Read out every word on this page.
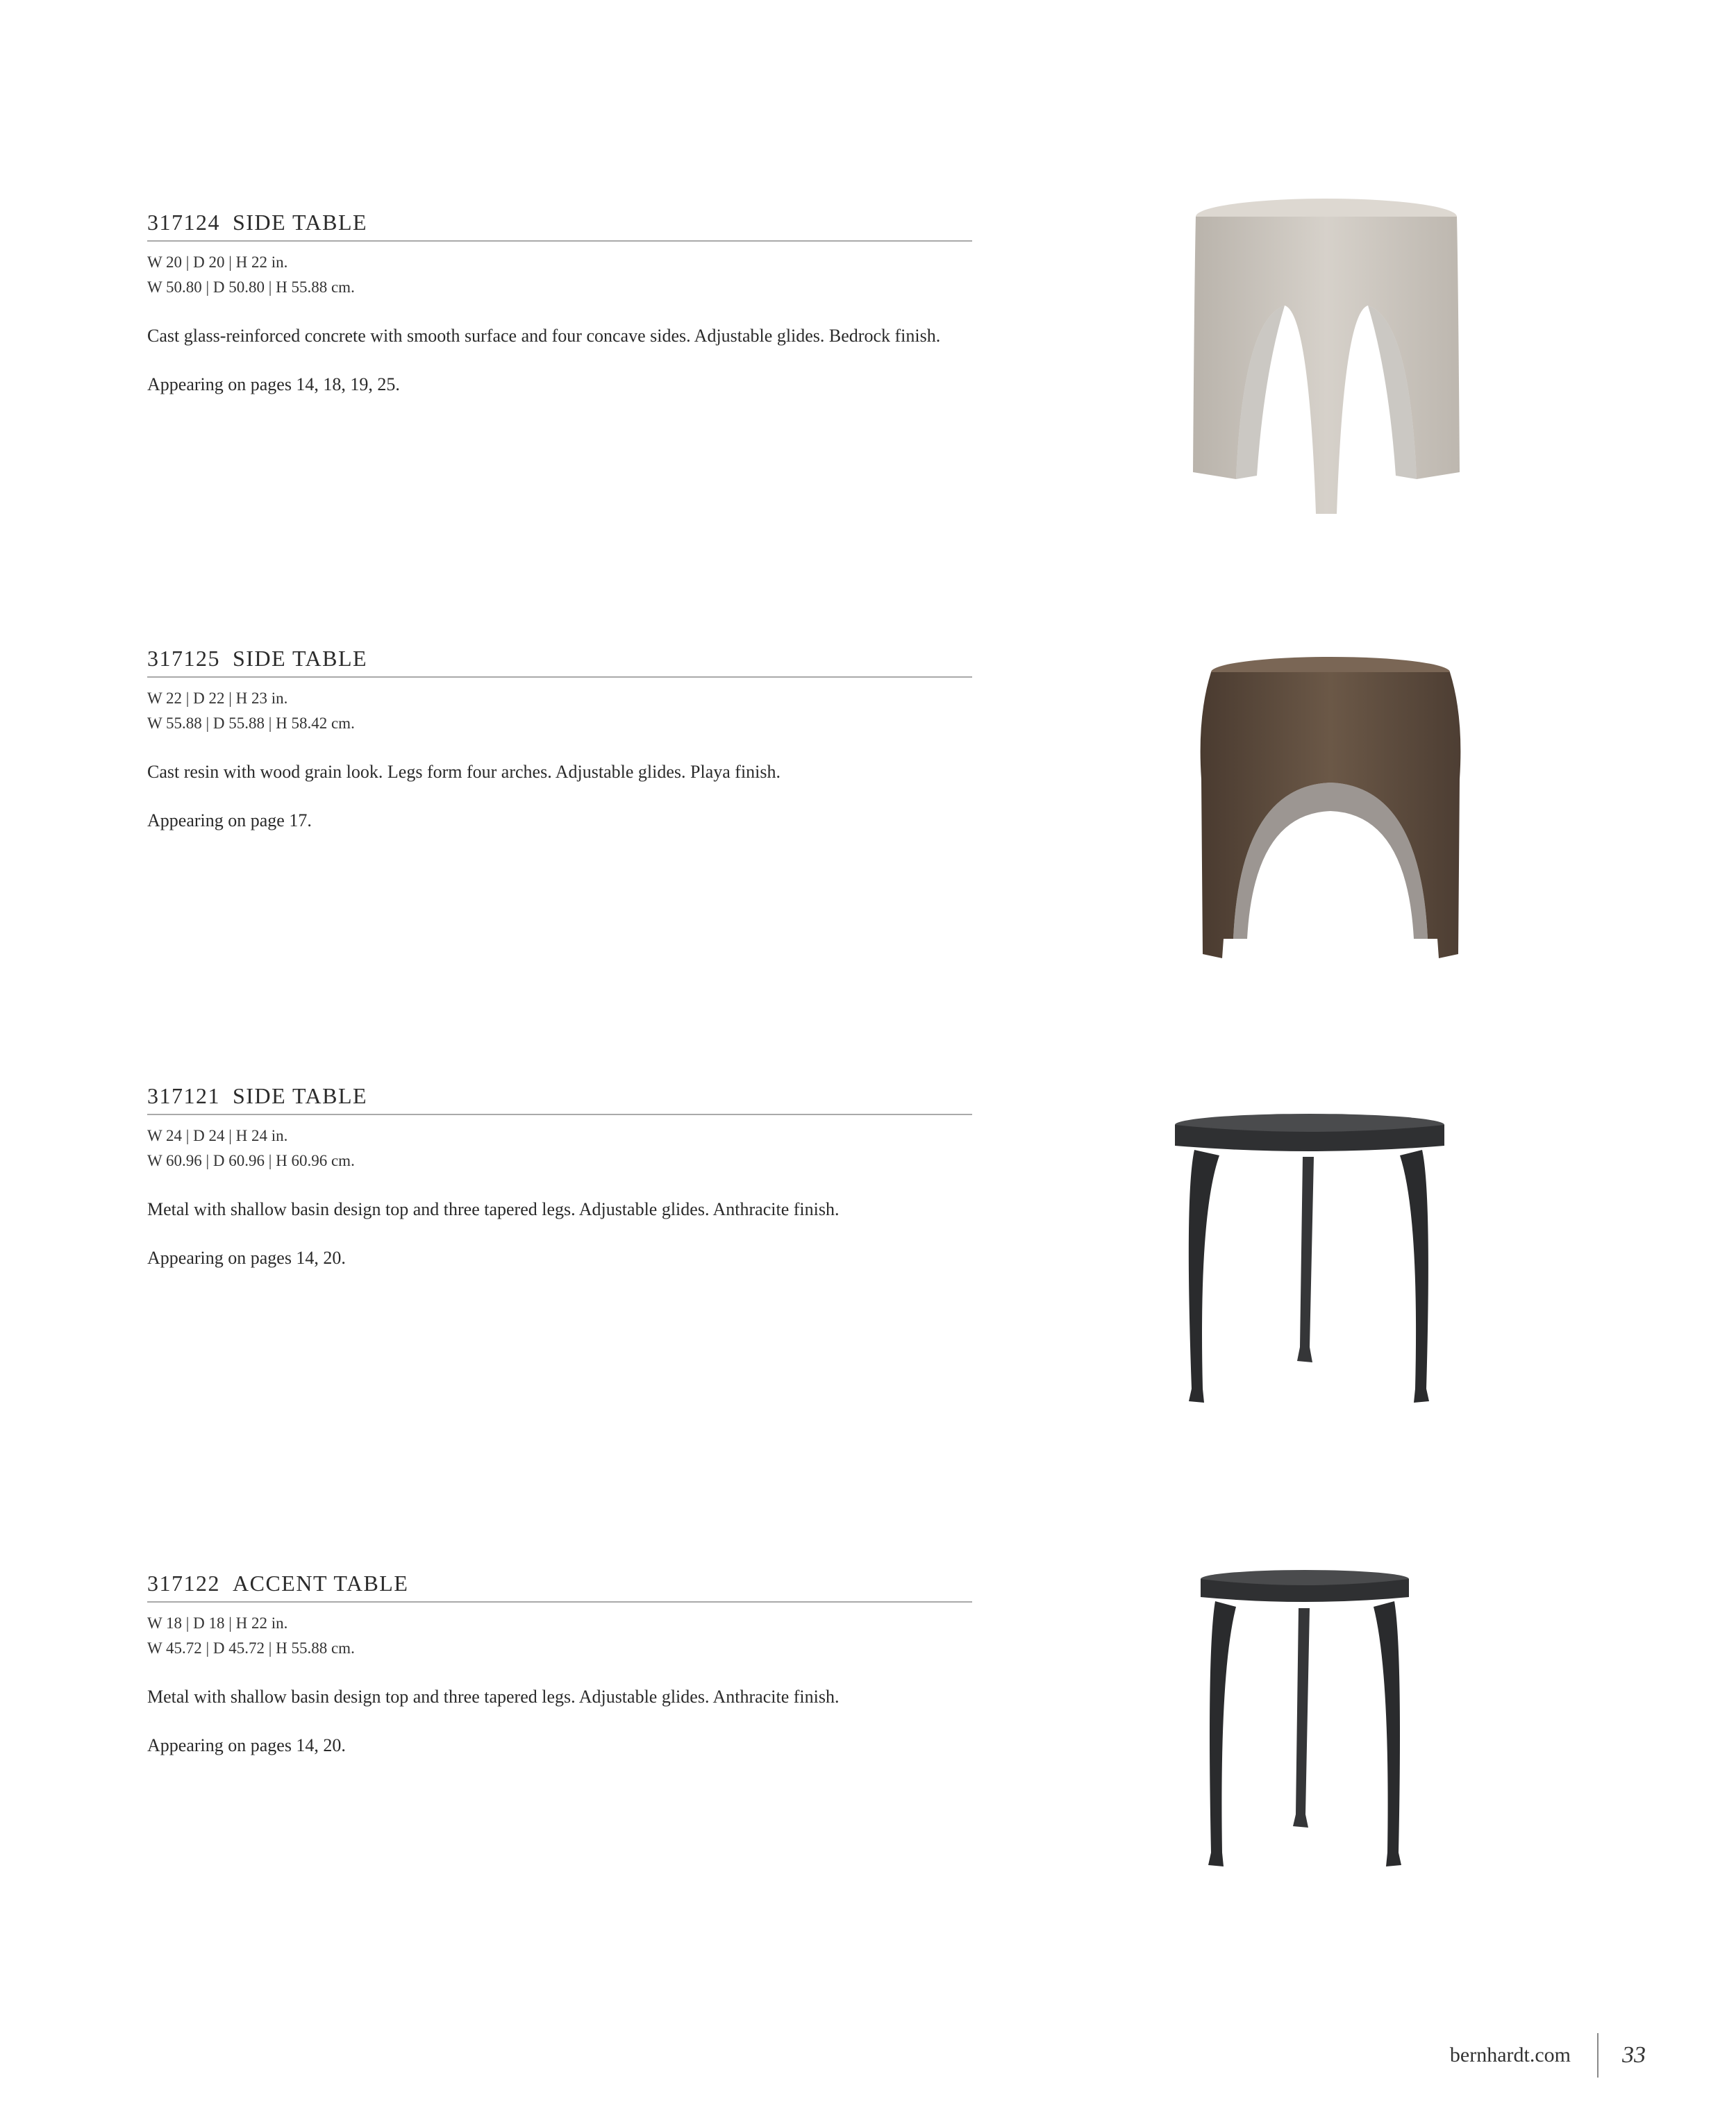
317124 SIDE TABLE
W 20 | D 20 | H 22 in.
W 50.80 | D 50.80 | H 55.88 cm.
Cast glass-reinforced concrete with smooth surface and four concave sides. Adjustable glides. Bedrock finish.
Appearing on pages 14, 18, 19, 25.
317125 SIDE TABLE
W 22 | D 22 | H 23 in.
W 55.88 | D 55.88 | H 58.42 cm.
Cast resin with wood grain look. Legs form four arches. Adjustable glides. Playa finish.
Appearing on page 17.
317121 SIDE TABLE
W 24 | D 24 | H 24 in.
W 60.96 | D 60.96 | H 60.96 cm.
Metal with shallow basin design top and three tapered legs. Adjustable glides. Anthracite finish.
Appearing on pages 14, 20.
317122 ACCENT TABLE
W 18 | D 18 | H 22 in.
W 45.72 | D 45.72 | H 55.88 cm.
Metal with shallow basin design top and three tapered legs. Adjustable glides. Anthracite finish.
Appearing on pages 14, 20.
bernhardt.com 33
